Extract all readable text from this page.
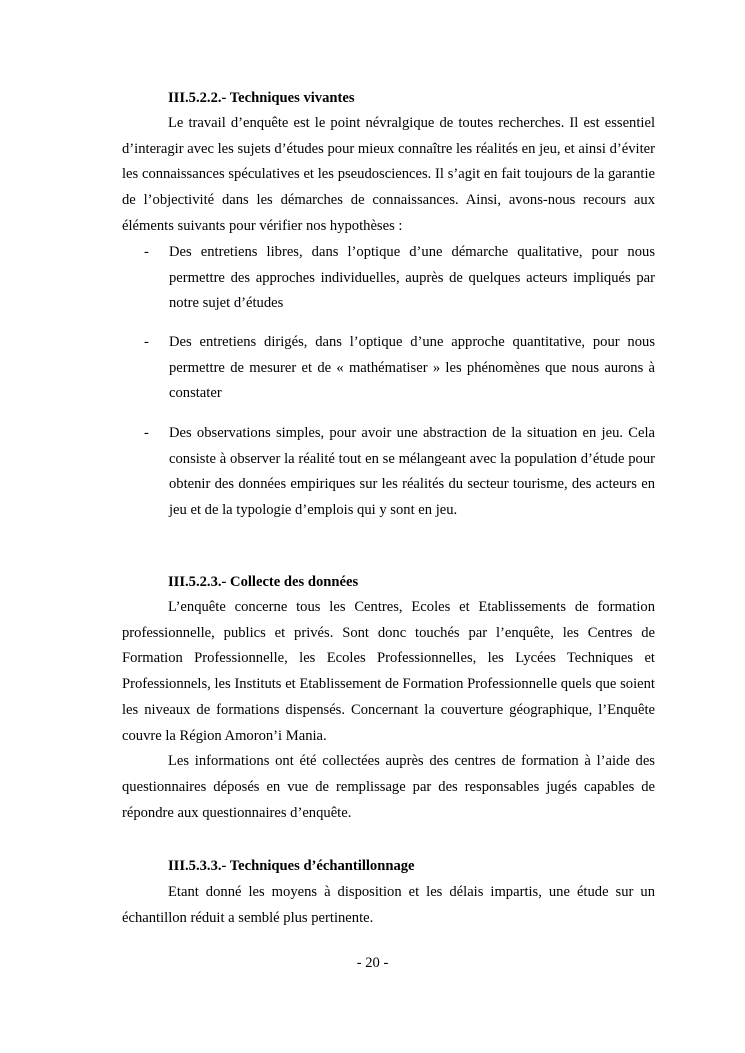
III.5.2.2.- Techniques vivantes

Le travail d’enquête est le point névralgique de toutes recherches. Il est essentiel d’interagir avec les sujets d’études pour mieux connaître les réalités en jeu, et ainsi d’éviter les connaissances spéculatives et les pseudosciences. Il s’agit en fait toujours de la garantie de l’objectivité dans les démarches de connaissances. Ainsi, avons-nous recours aux éléments suivants pour vérifier nos hypothèses :

- Des entretiens libres, dans l’optique d’une démarche qualitative, pour nous permettre des approches individuelles, auprès de quelques acteurs impliqués par notre sujet d’études
- Des entretiens dirigés, dans l’optique d’une approche quantitative, pour nous permettre de mesurer et de « mathématiser » les phénomènes que nous aurons à constater
- Des observations simples, pour avoir une abstraction de la situation en jeu. Cela consiste à observer la réalité tout en se mélangeant avec la population d’étude pour obtenir des données empiriques sur les réalités du secteur tourisme, des acteurs en jeu et de la typologie d’emplois qui y sont en jeu.
III.5.2.3.- Collecte des données

L’enquête concerne tous les Centres, Ecoles et Etablissements de formation professionnelle, publics et privés. Sont donc touchés par l’enquête, les Centres de Formation Professionnelle, les Ecoles Professionnelles, les Lycées Techniques et Professionnels, les Instituts et Etablissement de Formation Professionnelle quels que soient les niveaux de formations dispensés. Concernant la couverture géographique, l’Enquête couvre la Région Amoron’i Mania.

Les informations ont été collectées auprès des centres de formation à l’aide des questionnaires déposés en vue de remplissage par des responsables jugés capables de répondre aux questionnaires d’enquête.

III.5.3.3.- Techniques d’échantillonnage

Etant donné les moyens à disposition et les délais impartis, une étude sur un échantillon réduit a semblé plus pertinente.

- 20 -
